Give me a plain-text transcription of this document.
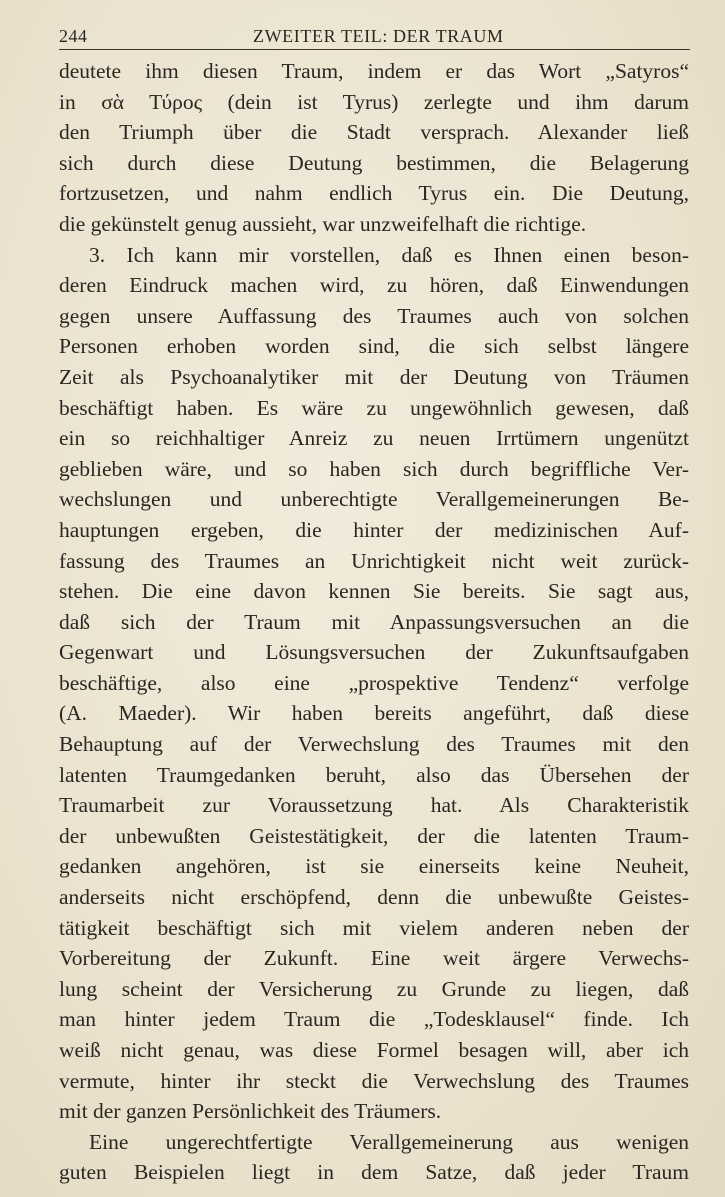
244	ZWEITER TEIL: DER TRAUM
deutete ihm diesen Traum, indem er das Wort „Satyros“
in σὰ Τύρος (dein ist Tyrus) zerlegte und ihm darum
den Triumph über die Stadt versprach. Alexander ließ
sich durch diese Deutung bestimmen, die Belagerung
fortzusetzen, und nahm endlich Tyrus ein. Die Deutung,
die gekünstelt genug aussieht, war unzweifelhaft die richtige.
3. Ich kann mir vorstellen, daß es Ihnen einen beson-
deren Eindruck machen wird, zu hören, daß Einwendungen
gegen unsere Auffassung des Traumes auch von solchen
Personen erhoben worden sind, die sich selbst längere
Zeit als Psychoanalytiker mit der Deutung von Träumen
beschäftigt haben. Es wäre zu ungewöhnlich gewesen, daß
ein so reichhaltiger Anreiz zu neuen Irrtümern ungenützt
geblieben wäre, und so haben sich durch begriffliche Ver-
wechslungen und unberechtigte Verallgemeinerungen Be-
hauptungen ergeben, die hinter der medizinischen Auf-
fassung des Traumes an Unrichtigkeit nicht weit zurück-
stehen. Die eine davon kennen Sie bereits. Sie sagt aus,
daß sich der Traum mit Anpassungsversuchen an die
Gegenwart und Lösungsversuchen der Zukunftsaufgaben
beschäftige, also eine „prospektive Tendenz“ verfolge
(A. Maeder). Wir haben bereits angeführt, daß diese
Behauptung auf der Verwechslung des Traumes mit den
latenten Traumgedanken beruht, also das Übersehen der
Traumarbeit zur Voraussetzung hat. Als Charakteristik
der unbewußten Geistestätigkeit, der die latenten Traum-
gedanken angehören, ist sie einerseits keine Neuheit,
anderseits nicht erschöpfend, denn die unbewußte Geistes-
tätigkeit beschäftigt sich mit vielem anderen neben der
Vorbereitung der Zukunft. Eine weit ärgere Verwechs-
lung scheint der Versicherung zu Grunde zu liegen, daß
man hinter jedem Traum die „Todesklausel“ finde. Ich
weiß nicht genau, was diese Formel besagen will, aber ich
vermute, hinter ihr steckt die Verwechslung des Traumes
mit der ganzen Persönlichkeit des Träumers.
Eine ungerechtfertigte Verallgemeinerung aus wenigen
guten Beispielen liegt in dem Satze, daß jeder Traum
